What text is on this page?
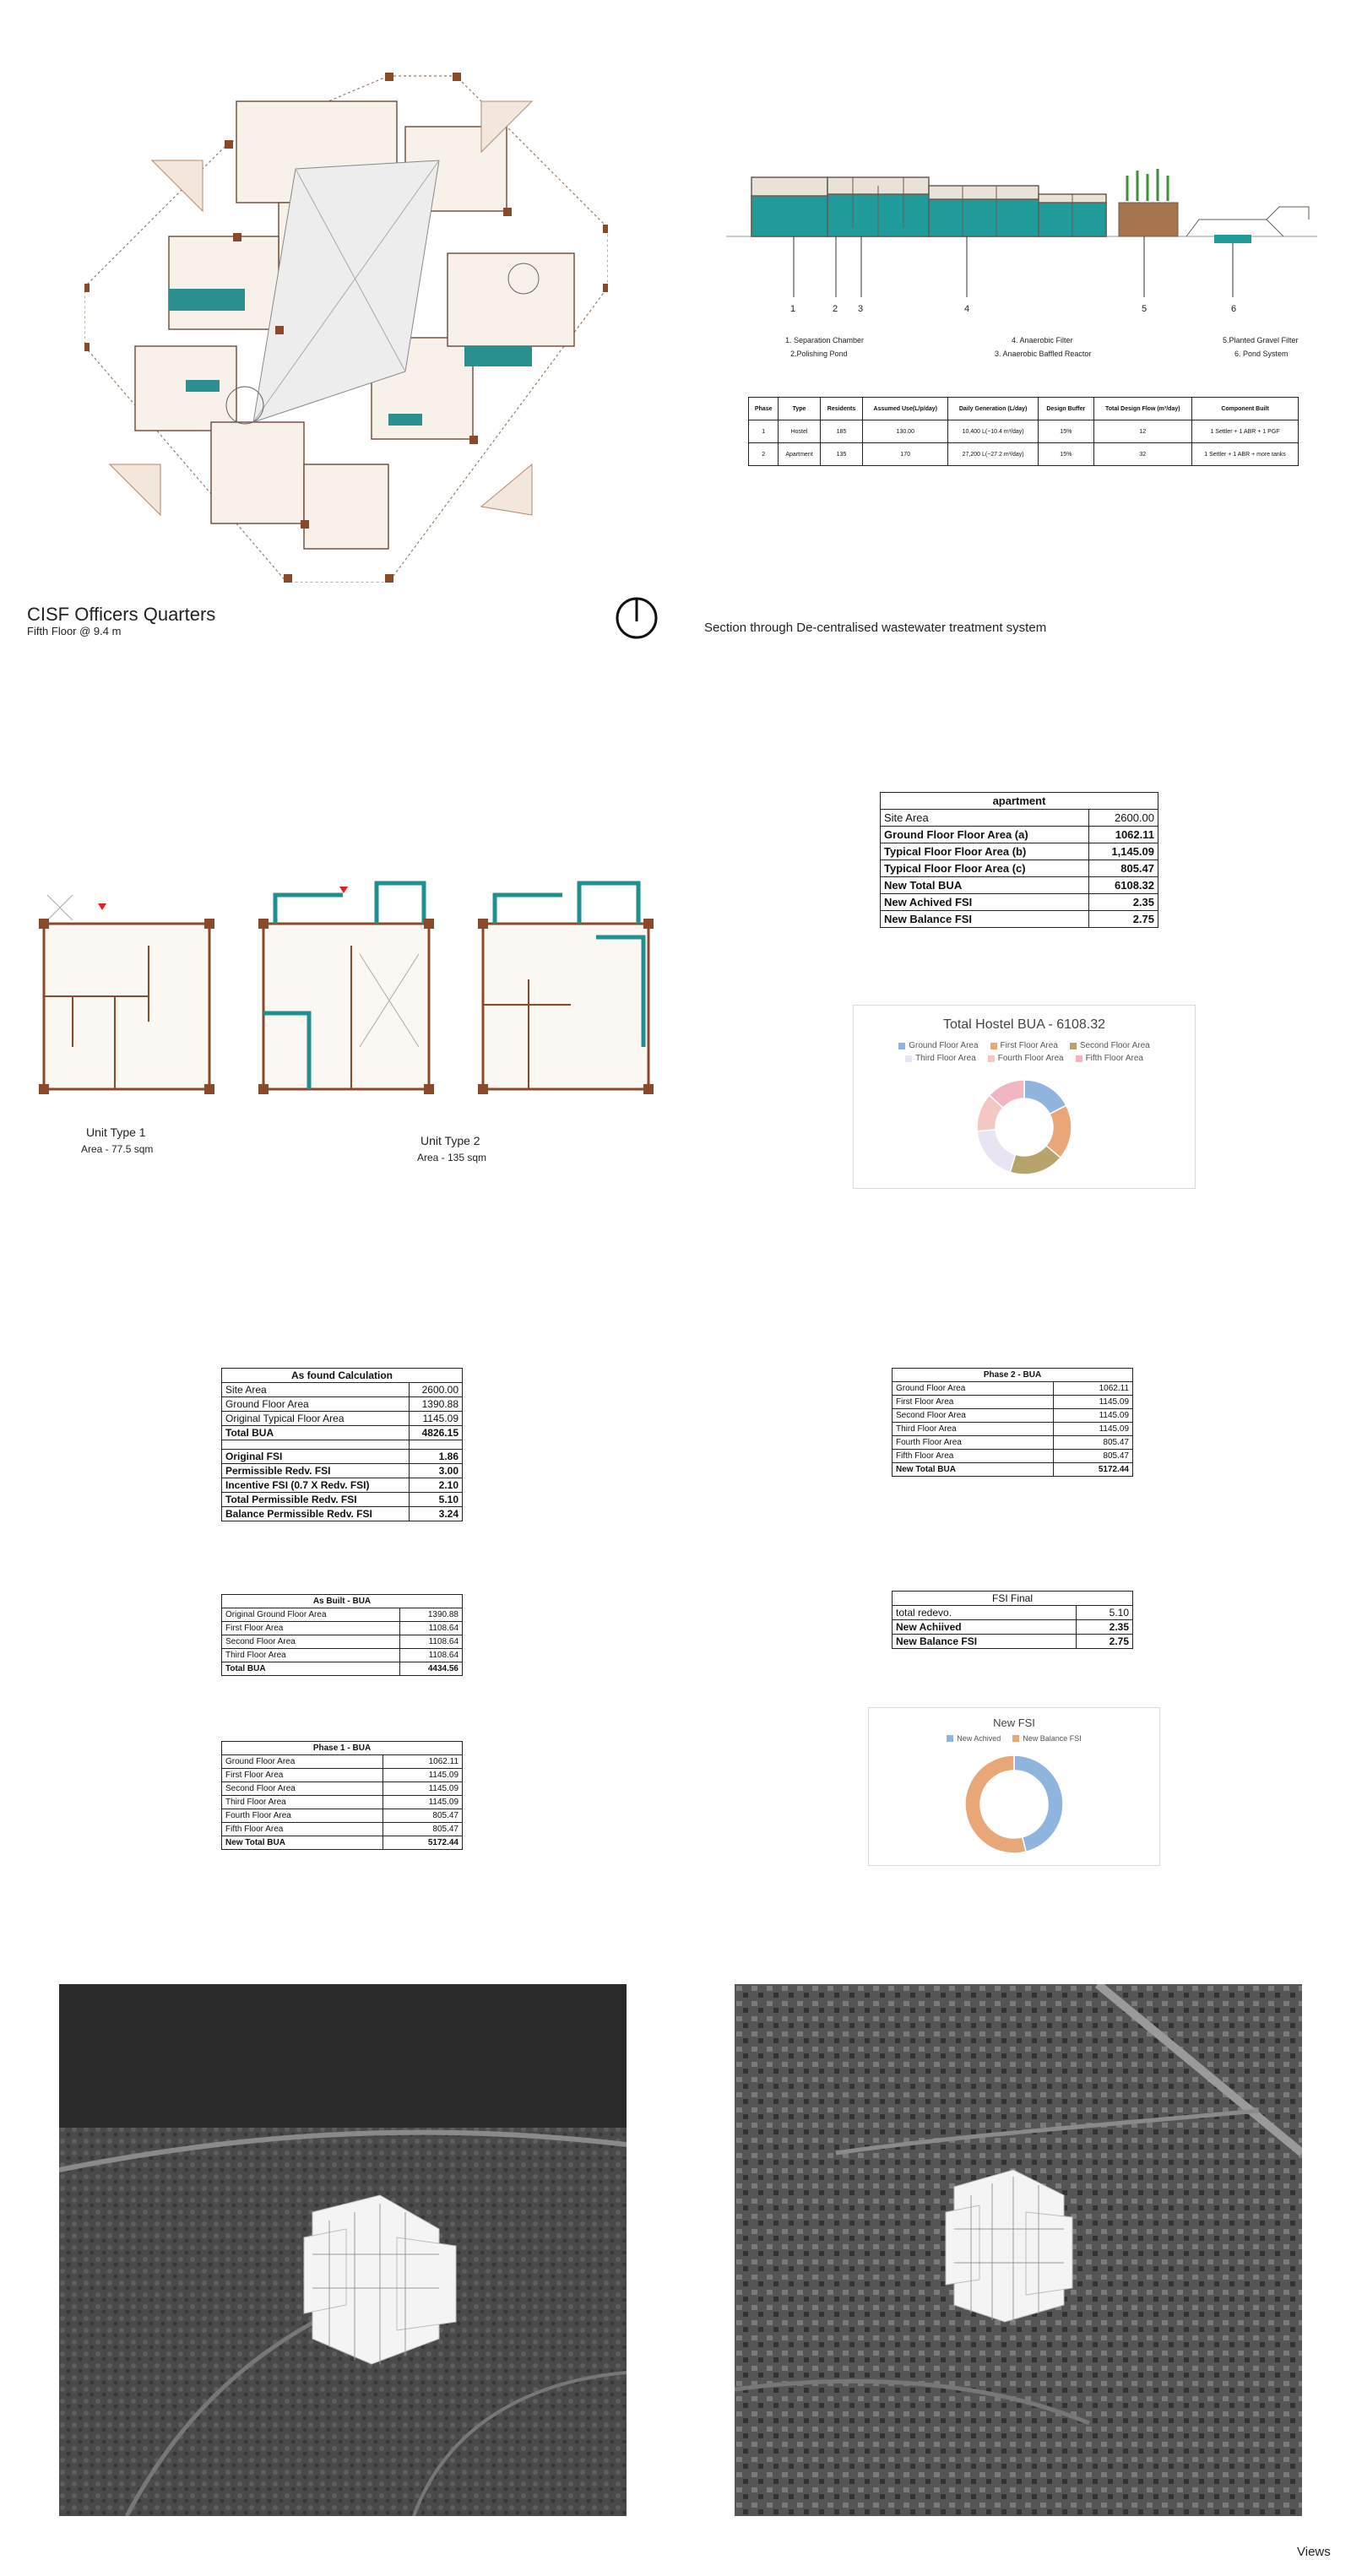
CISF Officers Quarters
Fifth Floor @ 9.4 m
1	2 3	4	5	6
1. Separation Chamber
2.Polishing Pond
4. Anaerobic Filter
3. Anaerobic Baffled Reactor
5.Planted Gravel Filter
6. Pond System
Phase	Type	Residents	Assumed Use(L/p/day)	Daily Generation (L/day)	Design Buffer	Total Design Flow (m³/day)	Component Built
1	Hostel	185	130.00	10,400 L(~10.4 m³/day)	15%	12	1 Settler + 1 ABR + 1 PGF
2	Apartment	135	170	27,200 L(~27.2 m³/day)	15%	32	1 Settler + 1 ABR + more tanks
Section through De-centralised wastewater treatment system
apartment	
Site Area	2600.00
Ground Floor Floor Area (a)	1062.11
Typical Floor Floor Area (b)	1,145.09
Typical Floor Floor Area (c)	805.47
New Total BUA	6108.32
New Achived FSI	2.35
New Balance FSI	2.75
Unit Type 1
Area - 77.5 sqm
Unit Type 2
Area - 135 sqm
Total Hostel BUA - 6108.32
Ground Floor Area	First Floor Area	Second Floor Area
Third Floor Area	Fourth Floor Area	Fifth Floor Area
As found Calculation	
Site Area	2600.00
Ground Floor Area	1390.88
Original Typical Floor Area	1145.09
Total BUA	4826.15

Original FSI	1.86
Permissible Redv. FSI	3.00
Incentive FSI (0.7 X Redv. FSI)	2.10
Total Permissible Redv. FSI	5.10
Balance Permissible Redv. FSI	3.24
As Built - BUA	
Original Ground Floor Area	1390.88
First Floor Area	1108.64
Second Floor Area	1108.64
Third Floor Area	1108.64
Total BUA	4434.56
Phase 1 - BUA	
Ground Floor Area	1062.11
First Floor Area	1145.09
Second Floor Area	1145.09
Third Floor Area	1145.09
Fourth Floor Area	805.47
Fifth Floor Area	805.47
New Total BUA	5172.44
Phase 2 - BUA	
Ground Floor Area	1062.11
First Floor Area	1145.09
Second Floor Area	1145.09
Third Floor Area	1145.09
Fourth Floor Area	805.47
Fifth Floor Area	805.47
New Total BUA	5172.44
FSI Final	
total redevo.	5.10
New Achiived	2.35
New Balance FSI	2.75
New FSI
New Achived	New Balance FSI
Views
